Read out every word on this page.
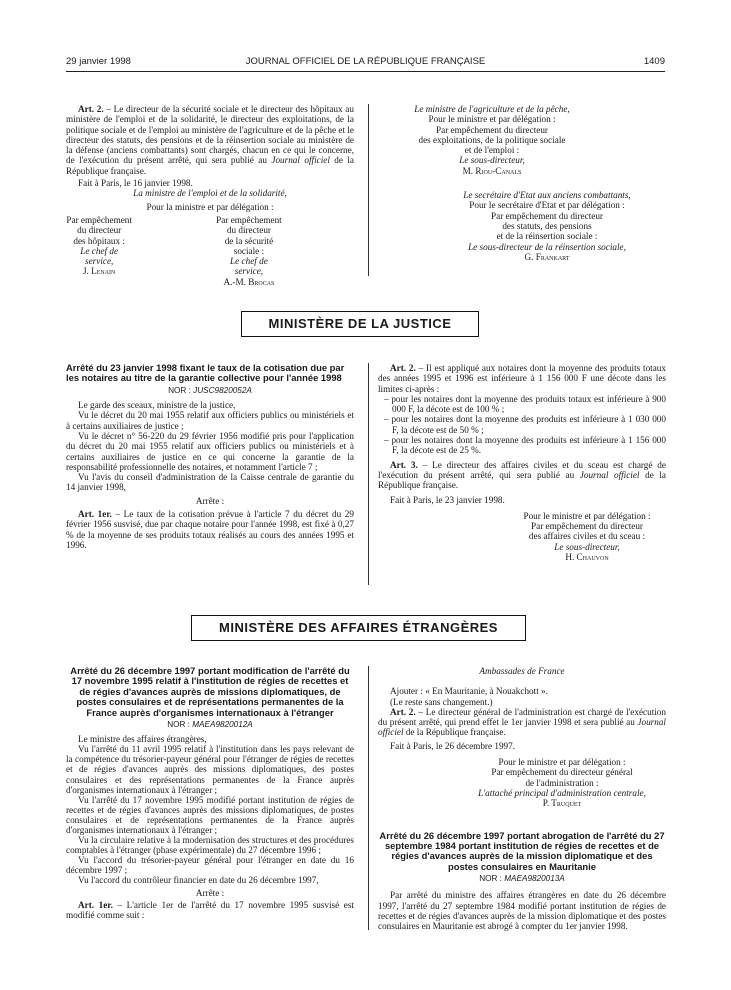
29 janvier 1998	JOURNAL OFFICIEL DE LA RÉPUBLIQUE FRANÇAISE	1409

Art. 2. – Le directeur de la sécurité sociale et le directeur des hôpitaux au ministère de l'emploi et de la solidarité, le directeur des exploitations, de la politique sociale et de l'emploi au ministère de l'agriculture et de la pêche et le directeur des statuts, des pensions et de la réinsertion sociale au ministère de la défense (anciens combattants) sont chargés, chacun en ce qui le concerne, de l'exécution du présent arrêté, qui sera publié au Journal officiel de la République française.

Fait à Paris, le 16 janvier 1998.

La ministre de l'emploi et de la solidarité,

Pour la ministre et par délégation :

Par empêchement du directeur
des hôpitaux :
Le chef de service,
J. Lenain
Par empêchement du directeur
de la sécurité sociale :
Le chef de service,
A.-M. Brocas
Le ministre de l'agriculture et de la pêche,
Pour le ministre et par délégation :
Par empêchement du directeur
des exploitations, de la politique sociale
et de l'emploi :
Le sous-directeur,
M. Riou-Canals
Le secrétaire d'Etat aux anciens combattants,
Pour le secrétaire d'Etat et par délégation :
Par empêchement du directeur
des statuts, des pensions
et de la réinsertion sociale :
Le sous-directeur de la réinsertion sociale,
G. Frankart
MINISTÈRE DE LA JUSTICE
Arrêté du 23 janvier 1998 fixant le taux de la cotisation due par les notaires au titre de la garantie collective pour l'année 1998
NOR : JUSC9820052A

Le garde des sceaux, ministre de la justice,

Vu le décret du 20 mai 1955 relatif aux officiers publics ou ministériels et à certains auxiliaires de justice ;

Vu le décret n° 56-220 du 29 février 1956 modifié pris pour l'application du décret du 20 mai 1955 relatif aux officiers publics ou ministériels et à certains auxiliaires de justice en ce qui concerne la garantie de la responsabilité professionnelle des notaires, et notamment l'article 7 ;

Vu l'avis du conseil d'administration de la Caisse centrale de garantie du 14 janvier 1998,

Arrête :

Art. 1er. – Le taux de la cotisation prévue à l'article 7 du décret du 29 février 1956 susvisé, due par chaque notaire pour l'année 1998, est fixé à 0,27 % de la moyenne de ses produits totaux réalisés au cours des années 1995 et 1996.

Art. 2. – Il est appliqué aux notaires dont la moyenne des produits totaux des années 1995 et 1996 est inférieure à 1 156 000 F une décote dans les limites ci-après :

– pour les notaires dont la moyenne des produits totaux est inférieure à 900 000 F, la décote est de 100 % ;

– pour les notaires dont la moyenne des produits est inférieure à 1 030 000 F, la décote est de 50 % ;

– pour les notaires dont la moyenne des produits est inférieure à 1 156 000 F, la décote est de 25 %.

Art. 3. – Le directeur des affaires civiles et du sceau est chargé de l'exécution du présent arrêté, qui sera publié au Journal officiel de la République française.

Fait à Paris, le 23 janvier 1998.

Pour le ministre et par délégation :
Par empêchement du directeur
des affaires civiles et du sceau :
Le sous-directeur,
H. Chauvon
MINISTÈRE DES AFFAIRES ÉTRANGÈRES
Arrêté du 26 décembre 1997 portant modification de l'arrêté du 17 novembre 1995 relatif à l'institution de régies de recettes et de régies d'avances auprès de missions diplomatiques, de postes consulaires et de représentations permanentes de la France auprès d'organismes internationaux à l'étranger
NOR : MAEA9820012A

Le ministre des affaires étrangères,

Vu l'arrêté du 11 avril 1995 relatif à l'institution dans les pays relevant de la compétence du trésorier-payeur général pour l'étranger de régies de recettes et de régies d'avances auprès des missions diplomatiques, des postes consulaires et des représentations permanentes de la France auprès d'organismes internationaux à l'étranger ;

Vu l'arrêté du 17 novembre 1995 modifié portant institution de régies de recettes et de régies d'avances auprès des missions diplomatiques, de postes consulaires et de représentations permanentes de la France auprès d'organismes internationaux à l'étranger ;

Vu la circulaire relative à la modernisation des structures et des procédures comptables à l'étranger (phase expérimentale) du 27 décembre 1996 ;

Vu l'accord du trésorier-payeur général pour l'étranger en date du 16 décembre 1997 ;

Vu l'accord du contrôleur financier en date du 26 décembre 1997,

Arrête :

Art. 1er. – L'article 1er de l'arrêté du 17 novembre 1995 susvisé est modifié comme suit :

Ambassades de France

Ajouter : « En Mauritanie, à Nouakchott ».

(Le reste sans changement.)

Art. 2. – Le directeur général de l'administration est chargé de l'exécution du présent arrêté, qui prend effet le 1er janvier 1998 et sera publié au Journal officiel de la République française.

Fait à Paris, le 26 décembre 1997.

Pour le ministre et par délégation :
Par empêchement du directeur général
de l'administration :
L'attaché principal d'administration centrale,
P. Truquet
Arrêté du 26 décembre 1997 portant abrogation de l'arrêté du 27 septembre 1984 portant institution de régies de recettes et de régies d'avances auprès de la mission diplomatique et des postes consulaires en Mauritanie
NOR : MAEA9820013A

Par arrêté du ministre des affaires étrangères en date du 26 décembre 1997, l'arrêté du 27 septembre 1984 modifié portant institution de régies de recettes et de régies d'avances auprès de la mission diplomatique et des postes consulaires en Mauritanie est abrogé à compter du 1er janvier 1998.
